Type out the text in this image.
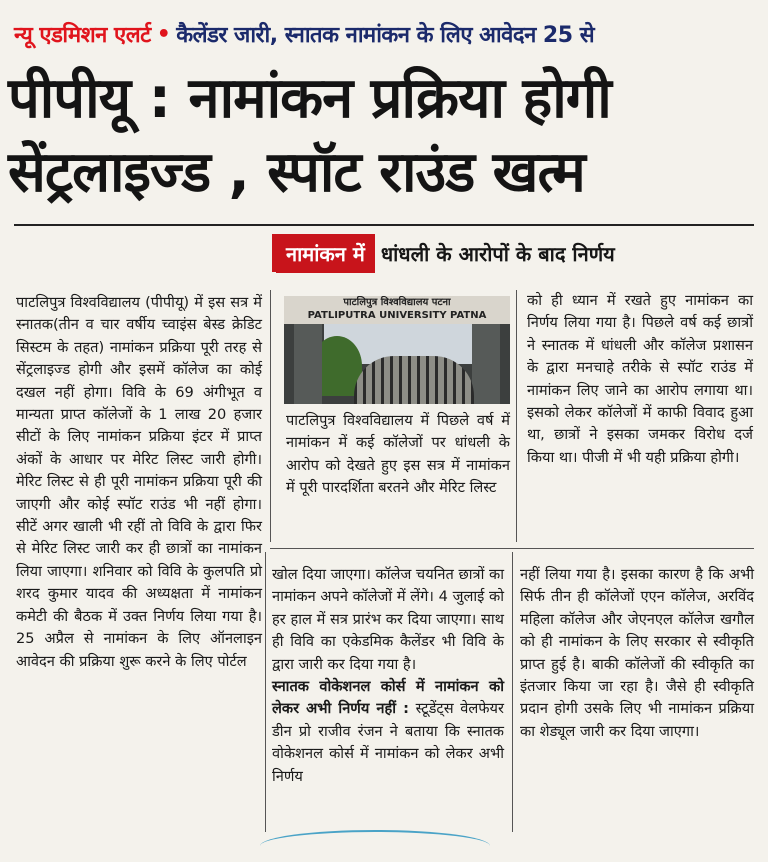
न्यू एडमिशन एलर्ट • कैलेंडर जारी, स्नातक नामांकन के लिए आवेदन 25 से
पीपीयू : नामांकन प्रक्रिया होगी
सेंट्रलाइज्ड , स्पॉट राउंड खत्म
नामांकन में धांधली के आरोपों के बाद निर्णय
पाटलिपुत्र विश्वविद्यालय पटना
PATLIPUTRA UNIVERSITY PATNA

पाटलिपुत्र विश्वविद्यालय (पीपीयू) में इस सत्र में स्नातक(तीन व चार वर्षीय च्वाइंस बेस्ड क्रेडिट सिस्टम के तहत) नामांकन प्रक्रिया पूरी तरह से सेंट्रलाइज्ड होगी और इसमें कॉलेज का कोई दखल नहीं होगा। विवि के 69 अंगीभूत व मान्यता प्राप्त कॉलेजों के 1 लाख 20 हजार सीटों के लिए नामांकन प्रक्रिया इंटर में प्राप्त अंकों के आधार पर मेरिट लिस्ट जारी होगी। मेरिट लिस्ट से ही पूरी नामांकन प्रक्रिया पूरी की जाएगी और कोई स्पॉट राउंड भी नहीं होगा। सीटें अगर खाली भी रहीं तो विवि के द्वारा फिर से मेरिट लिस्ट जारी कर ही छात्रों का नामांकन लिया जाएगा। शनिवार को विवि के कुलपति प्रो शरद कुमार यादव की अध्यक्षता में नामांकन कमेटी की बैठक में उक्त निर्णय लिया गया है। 25 अप्रैल से नामांकन के लिए ऑनलाइन आवेदन की प्रक्रिया शुरू करने के लिए पोर्टल

पाटलिपुत्र विश्वविद्यालय में पिछले वर्ष में नामांकन में कई कॉलेजों पर धांधली के आरोप को देखते हुए इस सत्र में नामांकन में पूरी पारदर्शिता बरतने और मेरिट लिस्ट

को ही ध्यान में रखते हुए नामांकन का निर्णय लिया गया है। पिछले वर्ष कई छात्रों ने स्नातक में धांधली और कॉलेज प्रशासन के द्वारा मनचाहे तरीके से स्पॉट राउंड में नामांकन लिए जाने का आरोप लगाया था। इसको लेकर कॉलेजों में काफी विवाद हुआ था, छात्रों ने इसका जमकर विरोध दर्ज किया था। पीजी में भी यही प्रक्रिया होगी।

खोल दिया जाएगा। कॉलेज चयनित छात्रों का नामांकन अपने कॉलेजों में लेंगे। 4 जुलाई को हर हाल में सत्र प्रारंभ कर दिया जाएगा। साथ ही विवि का एकेडमिक कैलेंडर भी विवि के द्वारा जारी कर दिया गया है।

स्नातक वोकेशनल कोर्स में नामांकन को लेकर अभी निर्णय नहीं : स्टूडेंट्स वेलफेयर डीन प्रो राजीव रंजन ने बताया कि स्नातक वोकेशनल कोर्स में नामांकन को लेकर अभी निर्णय

नहीं लिया गया है। इसका कारण है कि अभी सिर्फ तीन ही कॉलेजों एएन कॉलेज, अरविंद महिला कॉलेज और जेएनएल कॉलेज खगौल को ही नामांकन के लिए सरकार से स्वीकृति प्राप्त हुई है। बाकी कॉलेजों की स्वीकृति का इंतजार किया जा रहा है। जैसे ही स्वीकृति प्रदान होगी उसके लिए भी नामांकन प्रक्रिया का शेड्यूल जारी कर दिया जाएगा।
